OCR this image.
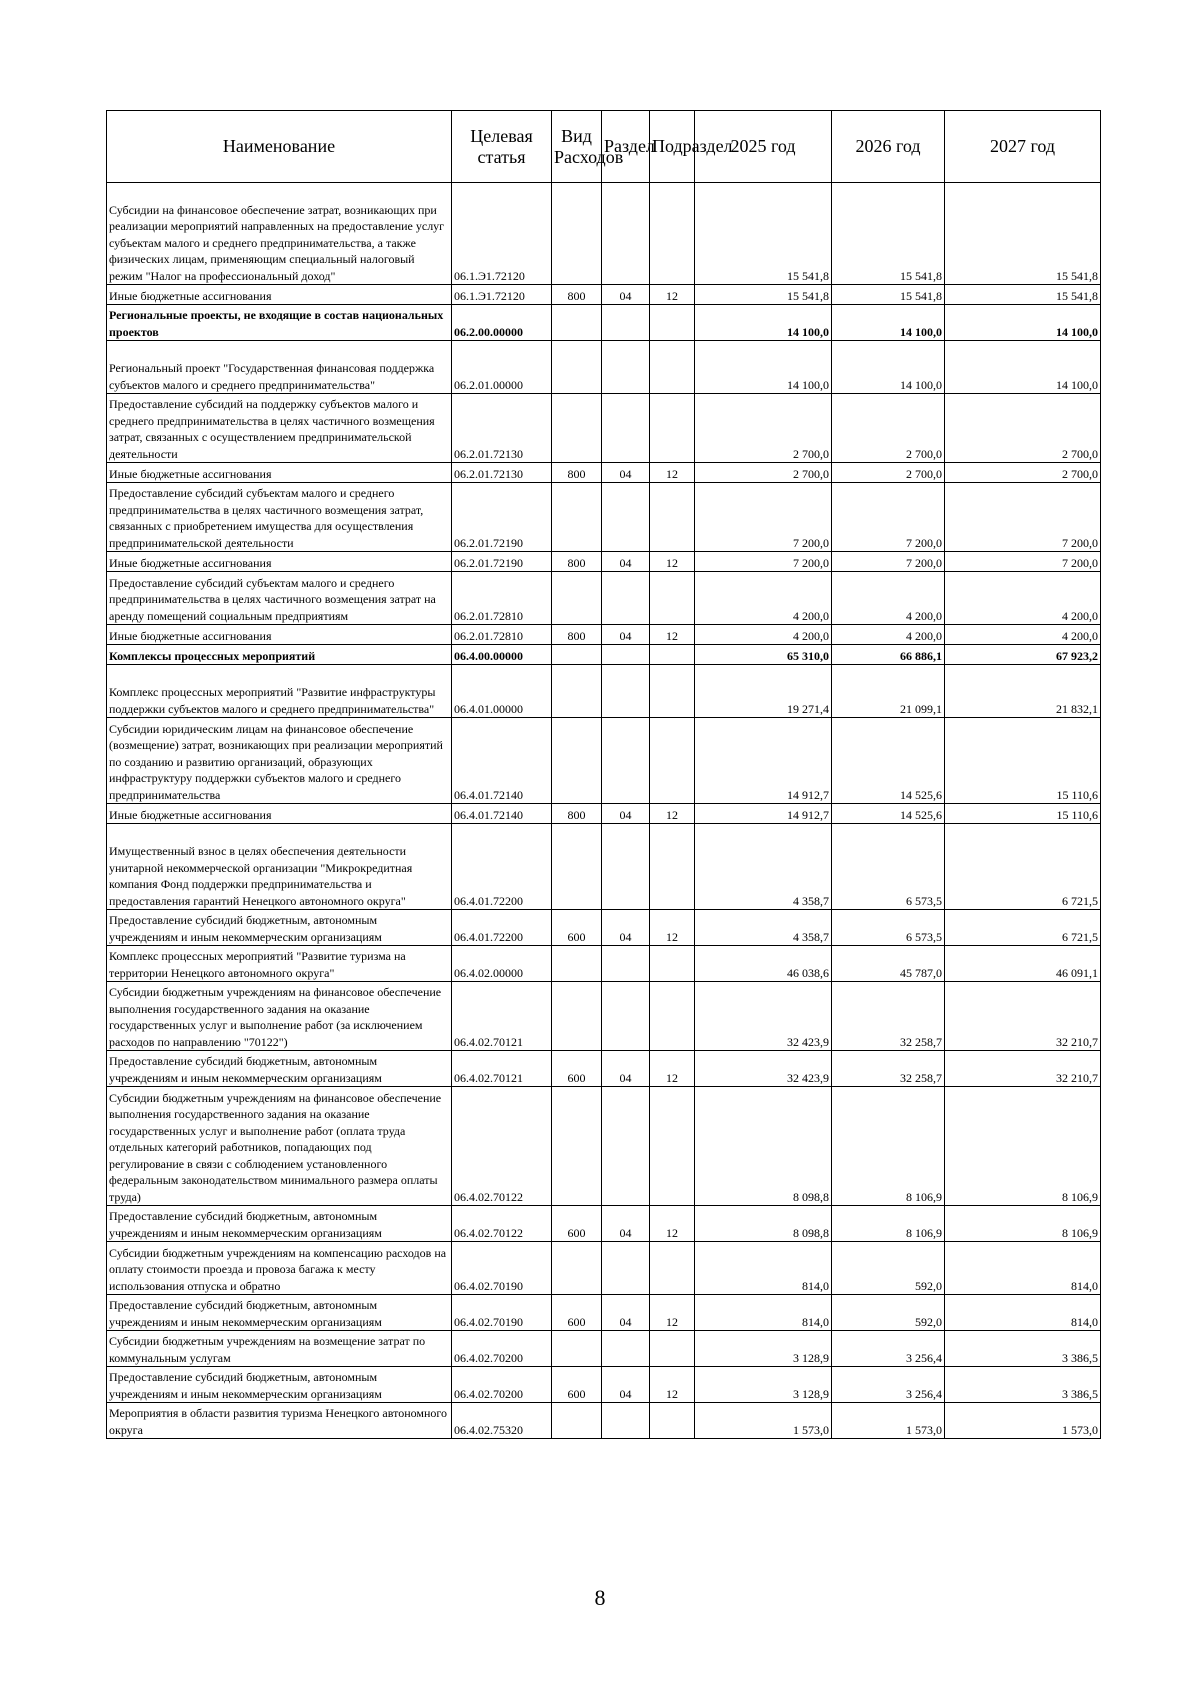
Наименование	Целевая статья	Вид Расходов	Раздел	Подраздел	2025 год	2026 год	2027 год
Субсидии на финансовое обеспечение затрат, возникающих при реализации мероприятий направленных на предоставление услуг субъектам малого и среднего предпринимательства, а также физических лицам, применяющим специальный налоговый режим "Налог на профессиональный доход"	06.1.Э1.72120				15 541,8	15 541,8	15 541,8
Иные бюджетные ассигнования	06.1.Э1.72120	800	04	12	15 541,8	15 541,8	15 541,8
Региональные проекты, не входящие в состав национальных проектов	06.2.00.00000				14 100,0	14 100,0	14 100,0
Региональный проект "Государственная финансовая поддержка субъектов малого и среднего предпринимательства"	06.2.01.00000				14 100,0	14 100,0	14 100,0
Предоставление субсидий на поддержку субъектов малого и среднего предпринимательства в целях частичного возмещения затрат, связанных с осуществлением предпринимательской деятельности	06.2.01.72130				2 700,0	2 700,0	2 700,0
Иные бюджетные ассигнования	06.2.01.72130	800	04	12	2 700,0	2 700,0	2 700,0
Предоставление субсидий субъектам малого и среднего предпринимательства в целях частичного возмещения затрат, связанных с приобретением имущества для осуществления предпринимательской деятельности	06.2.01.72190				7 200,0	7 200,0	7 200,0
Иные бюджетные ассигнования	06.2.01.72190	800	04	12	7 200,0	7 200,0	7 200,0
Предоставление субсидий субъектам малого и среднего предпринимательства в целях частичного возмещения затрат на аренду помещений социальным предприятиям	06.2.01.72810				4 200,0	4 200,0	4 200,0
Иные бюджетные ассигнования	06.2.01.72810	800	04	12	4 200,0	4 200,0	4 200,0
Комплексы процессных мероприятий	06.4.00.00000				65 310,0	66 886,1	67 923,2
Комплекс процессных мероприятий "Развитие инфраструктуры поддержки субъектов малого и среднего предпринимательства"	06.4.01.00000				19 271,4	21 099,1	21 832,1
Субсидии юридическим лицам на финансовое обеспечение (возмещение) затрат, возникающих при реализации мероприятий по созданию и развитию организаций, образующих инфраструктуру поддержки субъектов малого и среднего предпринимательства	06.4.01.72140				14 912,7	14 525,6	15 110,6
Иные бюджетные ассигнования	06.4.01.72140	800	04	12	14 912,7	14 525,6	15 110,6
Имущественный взнос в целях обеспечения деятельности унитарной некоммерческой организации "Микрокредитная компания Фонд поддержки предпринимательства и предоставления гарантий Ненецкого автономного округа"	06.4.01.72200				4 358,7	6 573,5	6 721,5
Предоставление субсидий бюджетным, автономным учреждениям и иным некоммерческим организациям	06.4.01.72200	600	04	12	4 358,7	6 573,5	6 721,5
Комплекс процессных мероприятий "Развитие туризма на территории Ненецкого автономного округа"	06.4.02.00000				46 038,6	45 787,0	46 091,1
Субсидии бюджетным учреждениям на финансовое обеспечение выполнения государственного задания на оказание государственных услуг и выполнение работ (за исключением расходов по направлению "70122")	06.4.02.70121				32 423,9	32 258,7	32 210,7
Предоставление субсидий бюджетным, автономным учреждениям и иным некоммерческим организациям	06.4.02.70121	600	04	12	32 423,9	32 258,7	32 210,7
Субсидии бюджетным учреждениям на финансовое обеспечение выполнения государственного задания на оказание государственных услуг и выполнение работ (оплата труда отдельных категорий работников, попадающих под регулирование в связи с соблюдением установленного федеральным законодательством минимального размера оплаты труда)	06.4.02.70122				8 098,8	8 106,9	8 106,9
Предоставление субсидий бюджетным, автономным учреждениям и иным некоммерческим организациям	06.4.02.70122	600	04	12	8 098,8	8 106,9	8 106,9
Субсидии бюджетным учреждениям на компенсацию расходов на оплату стоимости проезда и провоза багажа к месту использования отпуска и обратно	06.4.02.70190				814,0	592,0	814,0
Предоставление субсидий бюджетным, автономным учреждениям и иным некоммерческим организациям	06.4.02.70190	600	04	12	814,0	592,0	814,0
Субсидии бюджетным учреждениям на возмещение затрат по коммунальным услугам	06.4.02.70200				3 128,9	3 256,4	3 386,5
Предоставление субсидий бюджетным, автономным учреждениям и иным некоммерческим организациям	06.4.02.70200	600	04	12	3 128,9	3 256,4	3 386,5
Мероприятия в области развития туризма Ненецкого автономного округа	06.4.02.75320				1 573,0	1 573,0	1 573,0
8
